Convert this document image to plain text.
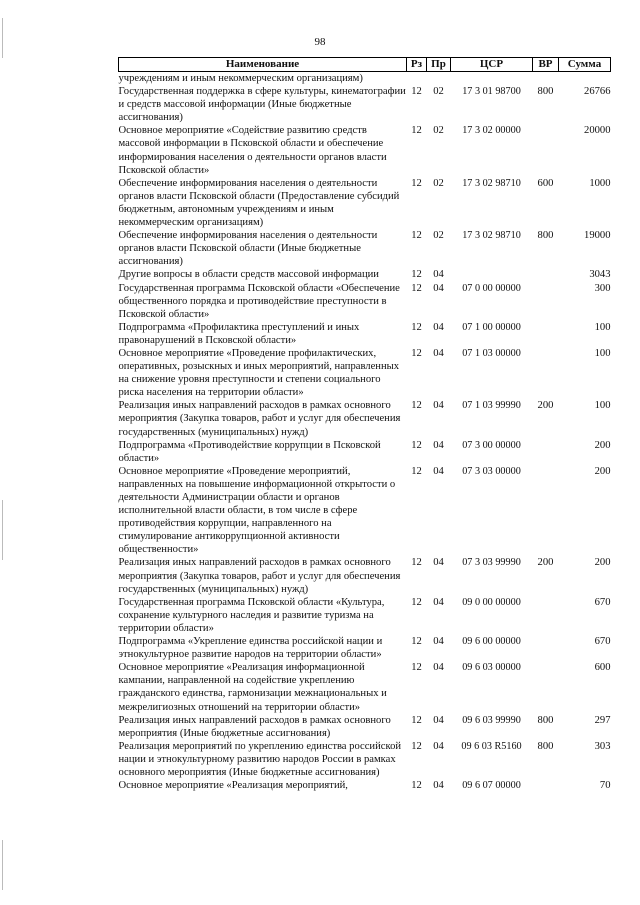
98
Наименование	Рз	Пр	ЦСР	ВР	Сумма
учреждениям и иным некоммерческим организациям)					
Государственная поддержка в сфере культуры, кинематографии и средств массовой информации (Иные бюджетные ассигнования)	12	02	17 3 01 98700	800	26766
Основное мероприятие «Содействие развитию средств массовой информации в Псковской области и обеспечение информирования населения о деятельности органов власти Псковской области»	12	02	17 3 02 00000		20000
Обеспечение информирования населения о деятельности органов власти Псковской области (Предоставление субсидий бюджетным, автономным учреждениям и иным некоммерческим организациям)	12	02	17 3 02 98710	600	1000
Обеспечение информирования населения о деятельности органов власти Псковской области (Иные бюджетные ассигнования)	12	02	17 3 02 98710	800	19000
Другие вопросы в области средств массовой информации	12	04			3043
Государственная программа Псковской области «Обеспечение общественного порядка и противодействие преступности в Псковской области»	12	04	07 0 00 00000		300
Подпрограмма «Профилактика преступлений и иных правонарушений в Псковской области»	12	04	07 1 00 00000		100
Основное мероприятие «Проведение профилактических, оперативных, розыскных и иных мероприятий, направленных на снижение уровня преступности и степени социального риска населения на территории области»	12	04	07 1 03 00000		100
Реализация иных направлений расходов в рамках основного мероприятия (Закупка товаров, работ и услуг для обеспечения государственных (муниципальных) нужд)	12	04	07 1 03 99990	200	100
Подпрограмма «Противодействие коррупции в Псковской области»	12	04	07 3 00 00000		200
Основное мероприятие «Проведение мероприятий, направленных на повышение информационной открытости о деятельности Администрации области и органов исполнительной власти области, в том числе в сфере противодействия коррупции, направленного на стимулирование антикоррупционной активности общественности»	12	04	07 3 03 00000		200
Реализация иных направлений расходов в рамках основного мероприятия (Закупка товаров, работ и услуг для обеспечения государственных (муниципальных) нужд)	12	04	07 3 03 99990	200	200
Государственная программа Псковской области «Культура, сохранение культурного наследия и развитие туризма на территории области»	12	04	09 0 00 00000		670
Подпрограмма «Укрепление единства российской нации и этнокультурное развитие народов на территории области»	12	04	09 6 00 00000		670
Основное мероприятие «Реализация информационной кампании, направленной на содействие укреплению гражданского единства, гармонизации межнациональных и межрелигиозных отношений на территории области»	12	04	09 6 03 00000		600
Реализация иных направлений расходов в рамках основного мероприятия (Иные бюджетные ассигнования)	12	04	09 6 03 99990	800	297
Реализация мероприятий по укреплению единства российской нации и этнокультурному развитию народов России в рамках основного мероприятия (Иные бюджетные ассигнования)	12	04	09 6 03 R5160	800	303
Основное мероприятие «Реализация мероприятий,	12	04	09 6 07 00000		70
